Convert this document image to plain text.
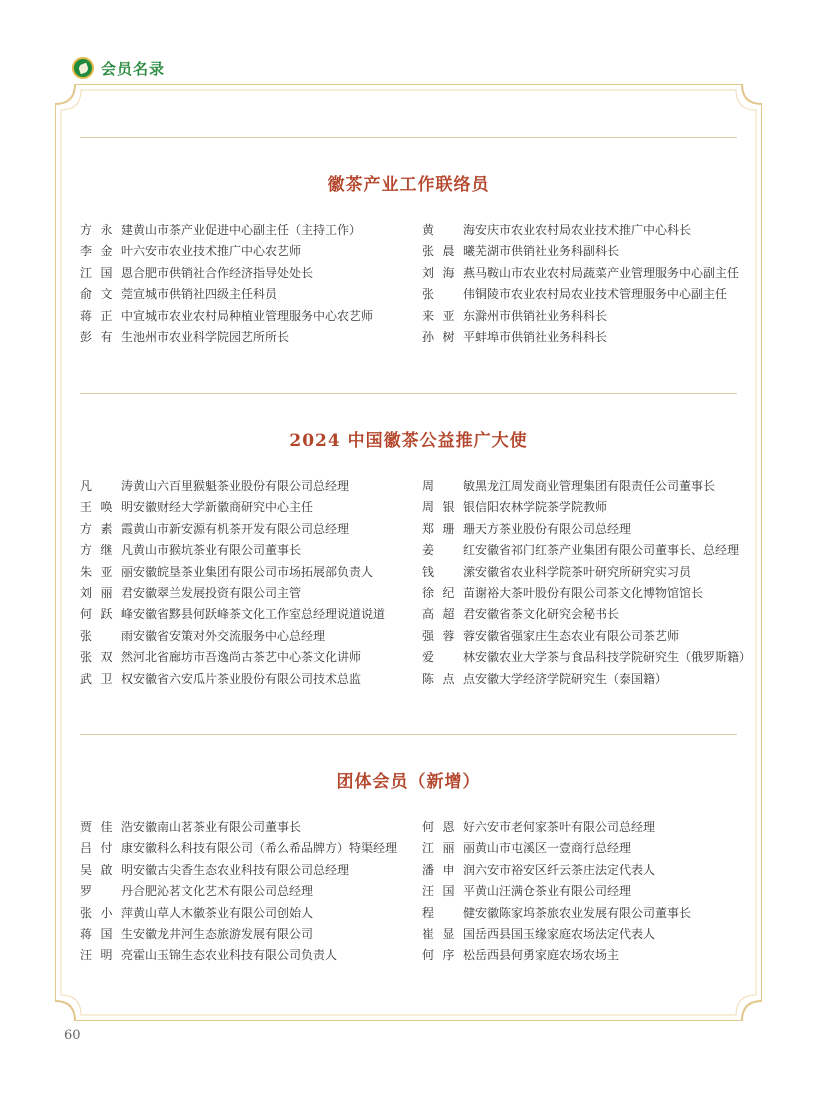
会员名录
徽茶产业工作联络员
方永建 黄山市茶产业促进中心副主任（主持工作）
李金叶 六安市农业技术推广中心农艺师
江国恩 合肥市供销社合作经济指导处处长
俞文莞 宣城市供销社四级主任科员
蒋正中 宣城市农业农村局种植业管理服务中心农艺师
彭有生 池州市农业科学院园艺所所长
黄　海 安庆市农业农村局农业技术推广中心科长
张晨曦 芜湖市供销社业务科副科长
刘海燕 马鞍山市农业农村局蔬菜产业管理服务中心副主任
张　伟 铜陵市农业农村局农业技术管理服务中心副主任
来亚东 滁州市供销社业务科科长
孙树平 蚌埠市供销社业务科科长
2024 中国徽茶公益推广大使
凡　涛 黄山六百里猴魁茶业股份有限公司总经理
王唤明 安徽财经大学新徽商研究中心主任
方素霞 黄山市新安源有机茶开发有限公司总经理
方继凡 黄山市猴坑茶业有限公司董事长
朱亚丽 安徽皖垦茶业集团有限公司市场拓展部负责人
刘丽君 安徽翠兰发展投资有限公司主管
何跃峰 安徽省黟县何跃峰茶文化工作室总经理说道说道
张　雨 安徽省安策对外交流服务中心总经理
张双然 河北省廊坊市吾逸尚古茶艺中心茶文化讲师
武卫权 安徽省六安瓜片茶业股份有限公司技术总监
周　敏 黑龙江周发商业管理集团有限责任公司董事长
周银银 信阳农林学院茶学院教师
郑珊珊 天方茶业股份有限公司总经理
姜　红 安徽省祁门红茶产业集团有限公司董事长、总经理
钱　潆 安徽省农业科学院茶叶研究所研究实习员
徐纪苗 谢裕大茶叶股份有限公司茶文化博物馆馆长
高超君 安徽省茶文化研究会秘书长
强蓉蓉 安徽省强家庄生态农业有限公司茶艺师
爱　林 安徽农业大学茶与食品科技学院研究生（俄罗斯籍）
陈点点 安徽大学经济学院研究生（泰国籍）
团体会员（新增）
贾佳浩 安徽南山茗茶业有限公司董事长
吕付康 安徽科么科技有限公司（希么希品牌方）特渠经理
吴啟明 安徽古尖香生态农业科技有限公司总经理
罗　丹 合肥沁茗文化艺术有限公司总经理
张小萍 黄山草人木徽茶业有限公司创始人
蒋国生 安徽龙井河生态旅游发展有限公司
汪明亮 霍山玉锦生态农业科技有限公司负责人
何恩好 六安市老何家茶叶有限公司总经理
江丽丽 黄山市屯溪区一壹商行总经理
潘申润 六安市裕安区纤云茶庄法定代表人
汪国平 黄山汪满仓茶业有限公司经理
程　健 安徽陈家坞茶旅农业发展有限公司董事长
崔显国 岳西县国玉缘家庭农场法定代表人
何序松 岳西县何勇家庭农场农场主
60
